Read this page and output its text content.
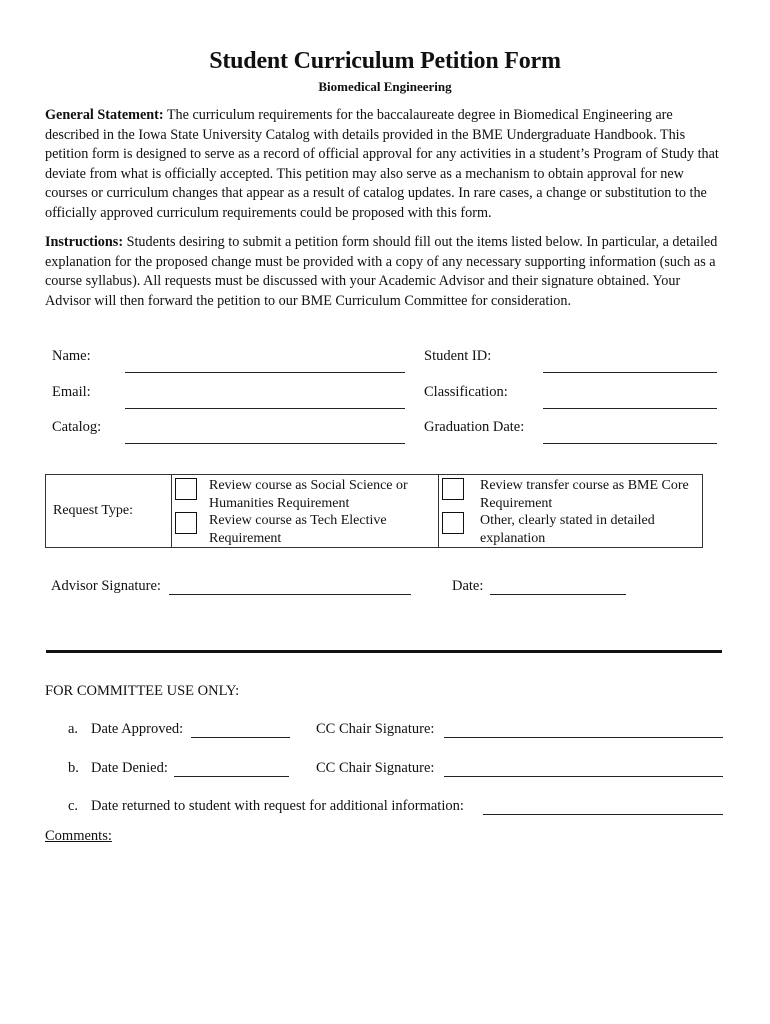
Student Curriculum Petition Form
Biomedical Engineering
General Statement: The curriculum requirements for the baccalaureate degree in Biomedical Engineering are described in the Iowa State University Catalog with details provided in the BME Undergraduate Handbook. This petition form is designed to serve as a record of official approval for any activities in a student’s Program of Study that deviate from what is officially accepted. This petition may also serve as a mechanism to obtain approval for new courses or curriculum changes that appear as a result of catalog updates. In rare cases, a change or substitution to the officially approved curriculum requirements could be proposed with this form.
Instructions: Students desiring to submit a petition form should fill out the items listed below. In particular, a detailed explanation for the proposed change must be provided with a copy of any necessary supporting information (such as a course syllabus). All requests must be discussed with your Academic Advisor and their signature obtained. Your Advisor will then forward the petition to our BME Curriculum Committee for consideration.
Name:	Student ID:
Email:	Classification:
Catalog:	Graduation Date:
Request Type:	Review course as Social Science or Humanities Requirement	Review transfer course as BME Core Requirement

	Review course as Tech Elective Requirement	Other, clearly stated in detailed explanation
Advisor Signature:	Date:
FOR COMMITTEE USE ONLY:
a. Date Approved:	CC Chair Signature:
b. Date Denied:	CC Chair Signature:
c. Date returned to student with request for additional information:
Comments:
